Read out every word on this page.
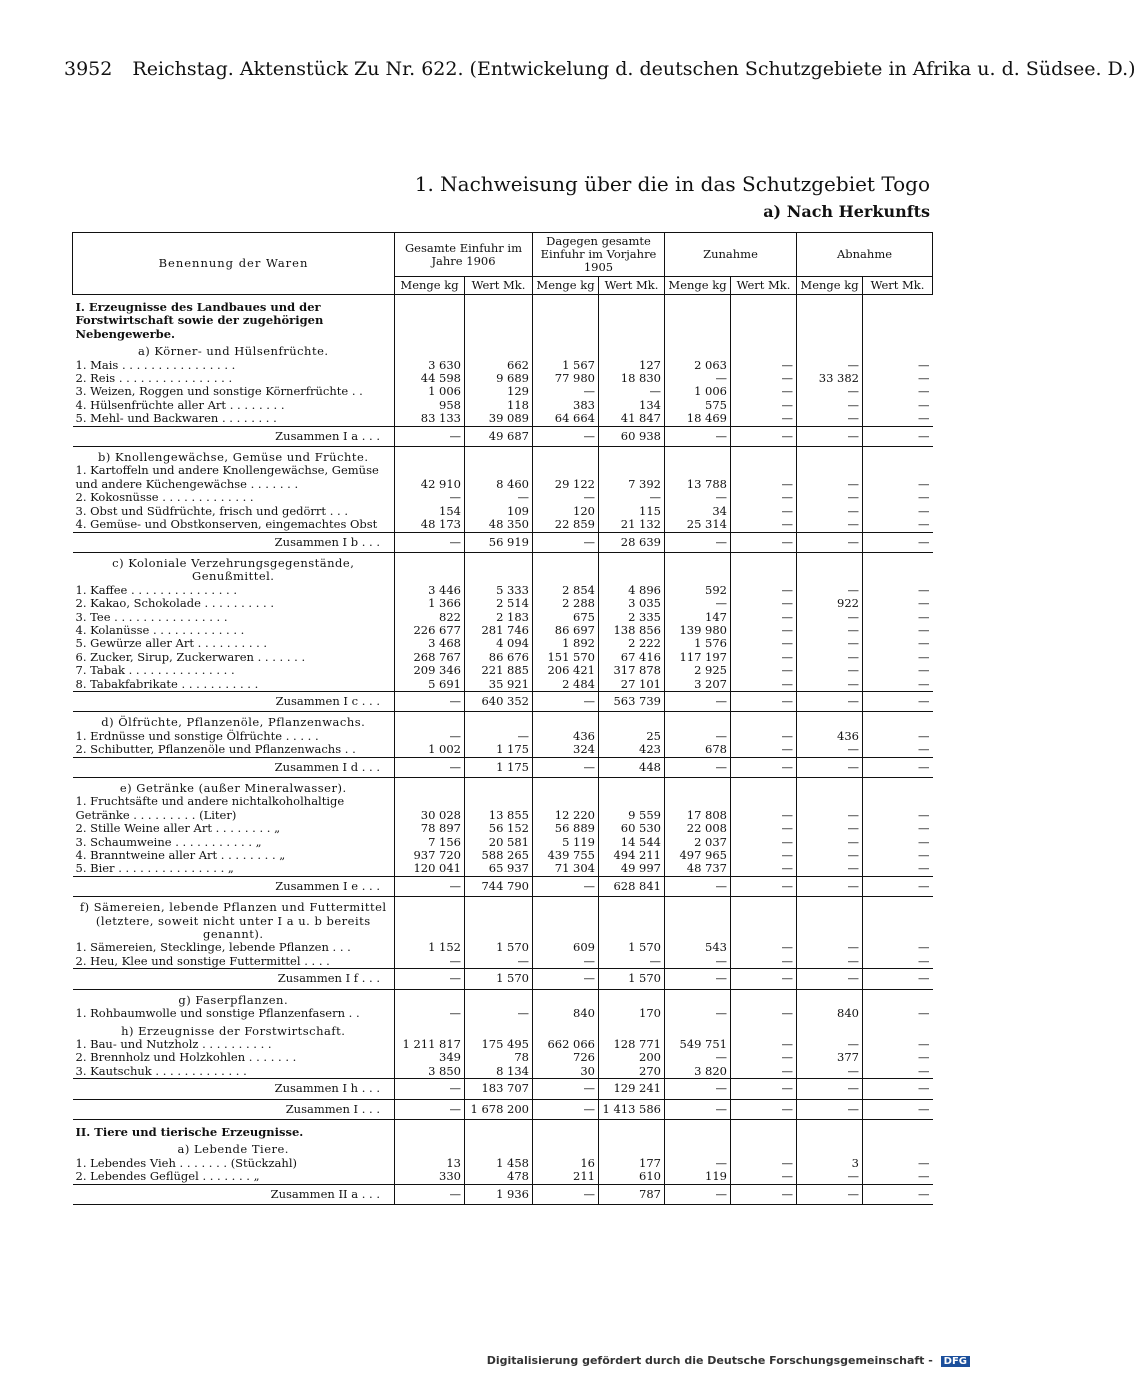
3952 Reichstag. Aktenstück Zu Nr. 622. (Entwickelung d. deutschen Schutzgebiete in Afrika u. d. Südsee. D.)
1. Nachweisung über die in das Schutzgebiet Togo
a) Nach Herkunfts
Benennung der Waren	Gesamte Einfuhr im Jahre 1906		Dagegen gesamte Einfuhr im Vorjahre 1905		Zunahme		Abnahme	
	Menge kg	Wert Mk.	Menge kg	Wert Mk.	Menge kg	Wert Mk.	Menge kg	Wert Mk.
I. Erzeugnisse des Landbaues und der Forstwirtschaft sowie der zugehörigen Nebengewerbe.								
a) Körner- und Hülsenfrüchte.								
1. Mais . . . . . . . . . . . . . . . .	3 630	662	1 567	127	2 063	—	—	—
2. Reis . . . . . . . . . . . . . . . .	44 598	9 689	77 980	18 830	—	—	33 382	—
3. Weizen, Roggen und sonstige Körnerfrüchte . .	1 006	129	—	—	1 006	—	—	—
4. Hülsenfrüchte aller Art . . . . . . . .	958	118	383	134	575	—	—	—
5. Mehl- und Backwaren . . . . . . . .	83 133	39 089	64 664	41 847	18 469	—	—	—
Zusammen I a . . .	—	49 687	—	60 938	—	—	—	—
b) Knollengewächse, Gemüse und Früchte.								
1. Kartoffeln und andere Knollengewächse, Gemüse und andere Küchengewächse . . . . . . .	42 910	8 460	29 122	7 392	13 788	—	—	—
2. Kokosnüsse . . . . . . . . . . . . .	—	—	—	—	—	—	—	—
3. Obst und Südfrüchte, frisch und gedörrt . . .	154	109	120	115	34	—	—	—
4. Gemüse- und Obstkonserven, eingemachtes Obst	48 173	48 350	22 859	21 132	25 314	—	—	—
Zusammen I b . . .	—	56 919	—	28 639	—	—	—	—
c) Koloniale Verzehrungsgegenstände, Genußmittel.								
1. Kaffee . . . . . . . . . . . . . . .	3 446	5 333	2 854	4 896	592	—	—	—
2. Kakao, Schokolade . . . . . . . . . .	1 366	2 514	2 288	3 035	—	—	922	—
3. Tee . . . . . . . . . . . . . . . .	822	2 183	675	2 335	147	—	—	—
4. Kolanüsse . . . . . . . . . . . . .	226 677	281 746	86 697	138 856	139 980	—	—	—
5. Gewürze aller Art . . . . . . . . . .	3 468	4 094	1 892	2 222	1 576	—	—	—
6. Zucker, Sirup, Zuckerwaren . . . . . . .	268 767	86 676	151 570	67 416	117 197	—	—	—
7. Tabak . . . . . . . . . . . . . . .	209 346	221 885	206 421	317 878	2 925	—	—	—
8. Tabakfabrikate . . . . . . . . . . .	5 691	35 921	2 484	27 101	3 207	—	—	—
Zusammen I c . . .	—	640 352	—	563 739	—	—	—	—
d) Ölfrüchte, Pflanzenöle, Pflanzenwachs.								
1. Erdnüsse und sonstige Ölfrüchte . . . . .	—	—	436	25	—	—	436	—
2. Schibutter, Pflanzenöle und Pflanzenwachs . .	1 002	1 175	324	423	678	—	—	—
Zusammen I d . . .	—	1 175	—	448	—	—	—	—
e) Getränke (außer Mineralwasser).								
1. Fruchtsäfte und andere nichtalkoholhaltige Getränke . . . . . . . . . (Liter)	30 028	13 855	12 220	9 559	17 808	—	—	—
2. Stille Weine aller Art . . . . . . . . „	78 897	56 152	56 889	60 530	22 008	—	—	—
3. Schaumweine . . . . . . . . . . . „	7 156	20 581	5 119	14 544	2 037	—	—	—
4. Branntweine aller Art . . . . . . . . „	937 720	588 265	439 755	494 211	497 965	—	—	—
5. Bier . . . . . . . . . . . . . . . „	120 041	65 937	71 304	49 997	48 737	—	—	—
Zusammen I e . . .	—	744 790	—	628 841	—	—	—	—
f) Sämereien, lebende Pflanzen und Futtermittel (letztere, soweit nicht unter I a u. b bereits genannt).								
1. Sämereien, Stecklinge, lebende Pflanzen . . .	1 152	1 570	609	1 570	543	—	—	—
2. Heu, Klee und sonstige Futtermittel . . . .	—	—	—	—	—	—	—	—
Zusammen I f . . .	—	1 570	—	1 570	—	—	—	—
g) Faserpflanzen.								
1. Rohbaumwolle und sonstige Pflanzenfasern . .	—	—	840	170	—	—	840	—
h) Erzeugnisse der Forstwirtschaft.								
1. Bau- und Nutzholz . . . . . . . . . .	1 211 817	175 495	662 066	128 771	549 751	—	—	—
2. Brennholz und Holzkohlen . . . . . . .	349	78	726	200	—	—	377	—
3. Kautschuk . . . . . . . . . . . . .	3 850	8 134	30	270	3 820	—	—	—
Zusammen I h . . .	—	183 707	—	129 241	—	—	—	—
Zusammen I . . .	—	1 678 200	—	1 413 586	—	—	—	—
II. Tiere und tierische Erzeugnisse.								
a) Lebende Tiere.								
1. Lebendes Vieh . . . . . . . (Stückzahl)	13	1 458	16	177	—	—	3	—
2. Lebendes Geflügel . . . . . . . „	330	478	211	610	119	—	—	—
Zusammen II a . . .	—	1 936	—	787	—	—	—	—
Digitalisierung gefördert durch die Deutsche Forschungsgemeinschaft - DFG
